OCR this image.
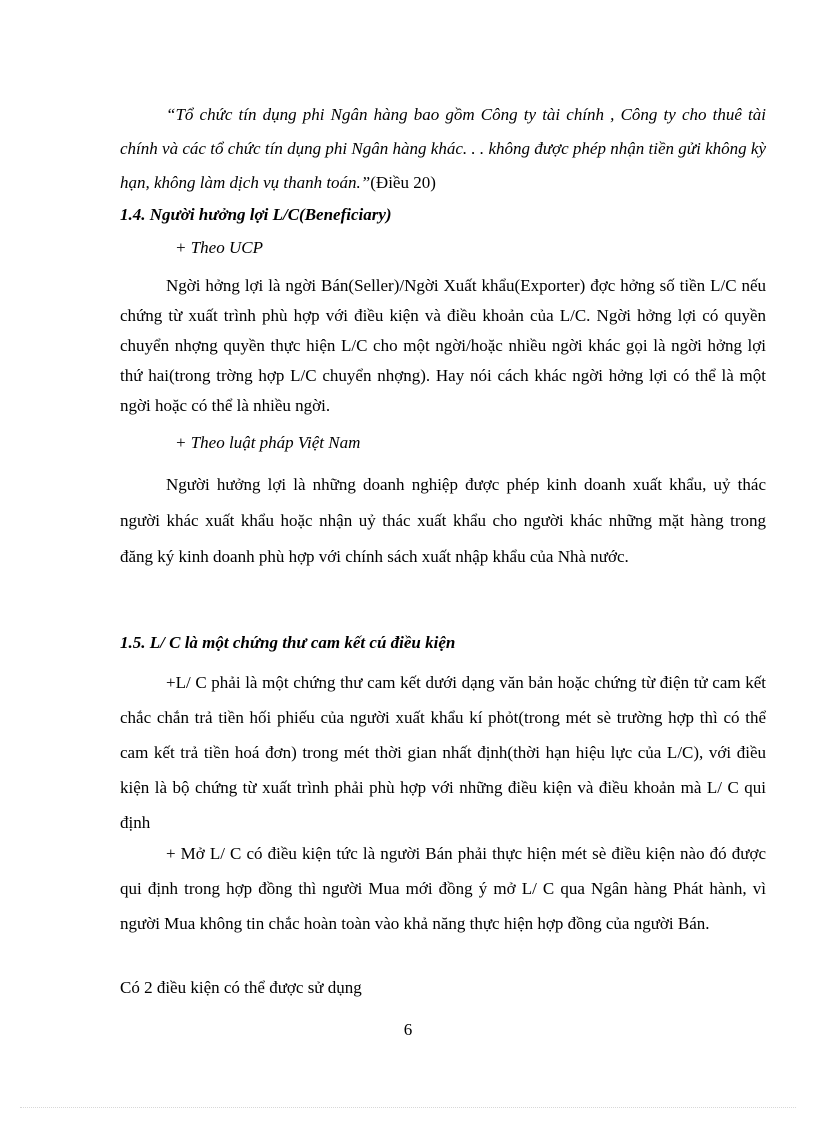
“Tổ chức tín dụng phi Ngân hàng bao gồm Công ty tài chính , Công ty cho thuê tài chính và các tổ chức tín dụng phi Ngân hàng khác. . . không được phép nhận tiền gửi không kỳ hạn, không làm dịch vụ thanh toán.”(Điều 20)

1.4. Người hưởng lợi L/C(Beneficiary)

+ Theo UCP

Ngời hởng lợi là ngời Bán(Seller)/Ngời Xuất khẩu(Exporter) đợc hởng số tiền L/C nếu chứng từ xuất trình phù hợp với điều kiện và điều khoản của L/C. Ngời hởng lợi có quyền chuyển nhợng quyền thực hiện L/C cho một ngời/hoặc nhiều ngời khác gọi là ngời hởng lợi thứ hai(trong trờng hợp L/C chuyển nhợng). Hay nói cách khác ngời hởng lợi có thể là một ngời hoặc có thể là nhiều ngời.

+ Theo luật pháp Việt Nam

Người hưởng lợi là những doanh nghiệp được phép kinh doanh xuất khẩu, uỷ thác người khác xuất khẩu hoặc nhận uỷ thác xuất khẩu cho người khác những mặt hàng trong đăng ký kinh doanh phù hợp với chính sách xuất nhập khẩu của Nhà nước.

1.5. L/ C là một chứng thư cam kết cú điều kiện

+L/ C phải là một chứng thư cam kết dưới dạng văn bản hoặc chứng từ điện tử cam kết chắc chắn trả tiền hối phiếu của người xuất khẩu kí phỏt(trong mét sè trường hợp thì có thể cam kết trả tiền hoá đơn) trong mét thời gian nhất định(thời hạn hiệu lực của L/C), với điều kiện là bộ chứng từ xuất trình phải phù hợp với những điều kiện và điều khoản mà L/ C qui định

+ Mở L/ C có điều kiện tức là người Bán phải thực hiện mét sè điều kiện nào đó được qui định trong hợp đồng thì người Mua mới đồng ý mở L/ C qua Ngân hàng Phát hành, vì người Mua không tin chắc hoàn toàn vào khả năng thực hiện hợp đồng của người Bán.

Có 2 điều kiện có thể được sử dụng

6
